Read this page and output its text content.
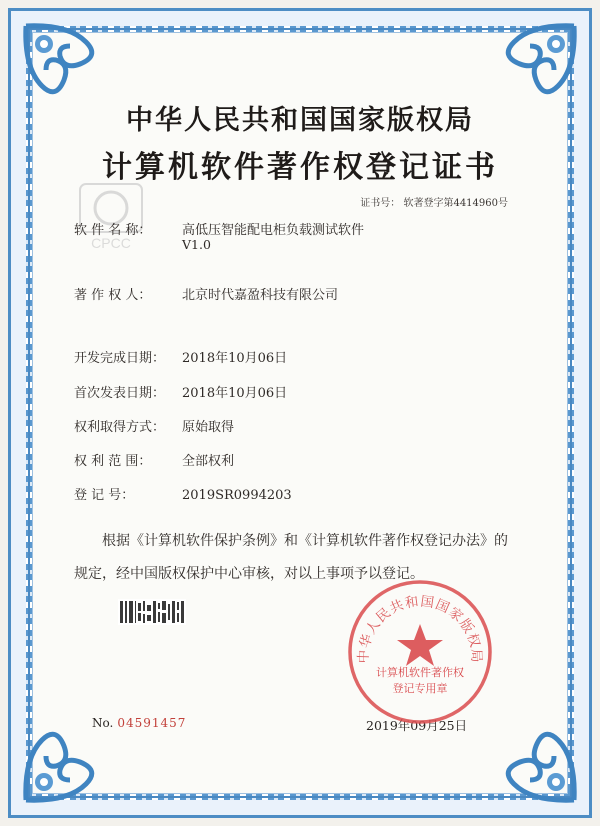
CPCC
中华人民共和国国家版权局
计算机软件著作权登记证书
证书号： 软著登字第4414960号
软 件 名 称： 高低压智能配电柜负载测试软件
V1.0
著 作 权 人： 北京时代嘉盈科技有限公司
开发完成日期： 2018年10月06日
首次发表日期： 2018年10月06日
权利取得方式： 原始取得
权 利 范 围： 全部权利
登 记 号：	2019SR0994203
根据《计算机软件保护条例》和《计算机软件著作权登记办法》的
规定，经中国版权保护中心审核，对以上事项予以登记。
No. 04591457	2019年09月25日
中华人民共和国国家版权局
计算机软件著作权
登记专用章
